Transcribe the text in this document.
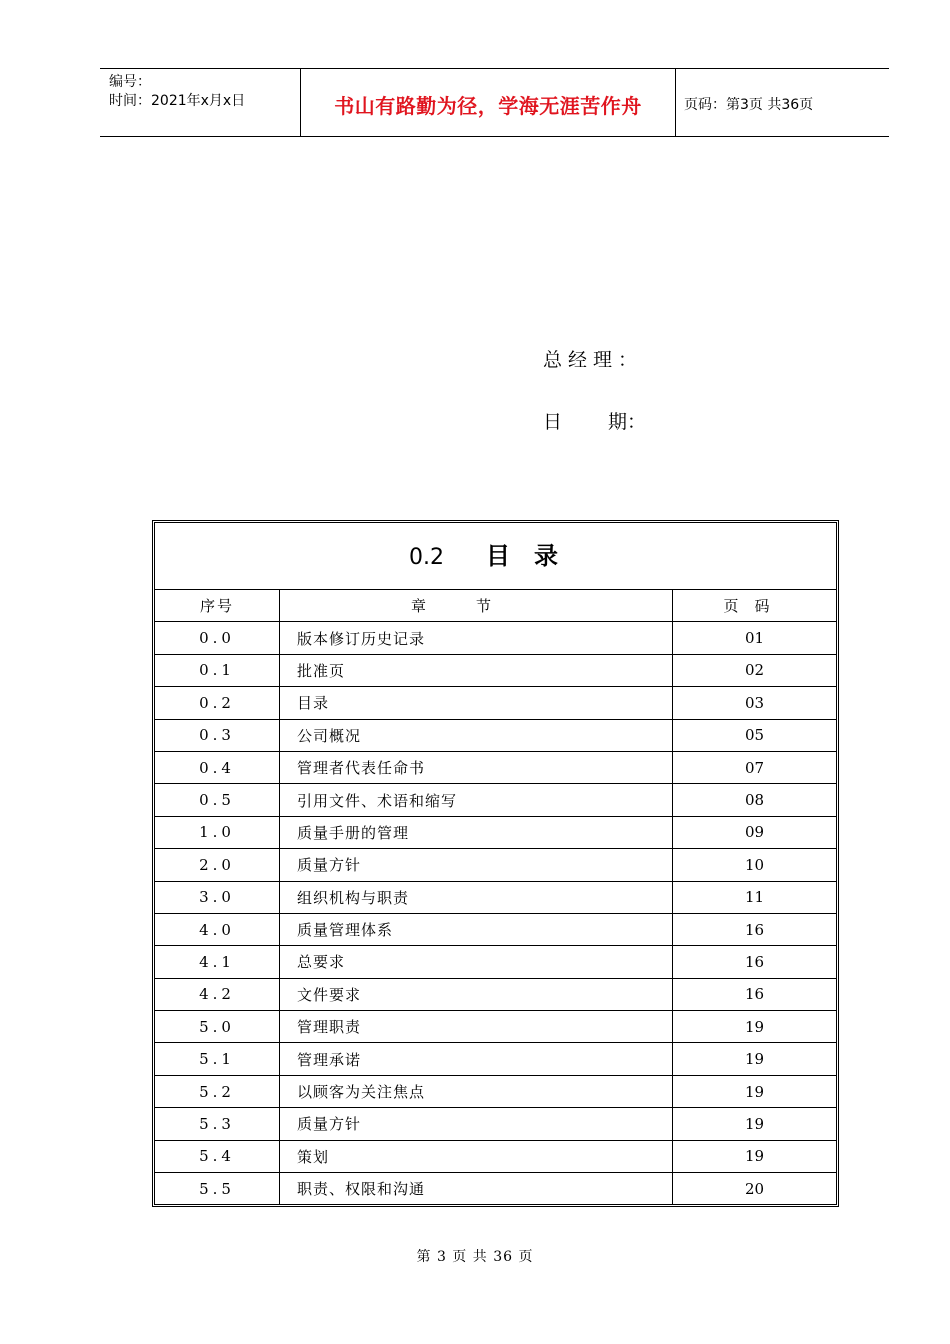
编号：
时间：2021年x月x日	书山有路勤为径，学海无涯苦作舟	页码：第3页 共36页
总经理：
日 期：
0.2 目录
序号	章节	页码
0.0	版本修订历史记录	01
0.1	批准页	02
0.2	目录	03
0.3	公司概况	05
0.4	管理者代表任命书	07
0.5	引用文件、术语和缩写	08
1.0	质量手册的管理	09
2.0	质量方针	10
3.0	组织机构与职责	11
4.0	质量管理体系	16
4.1	总要求	16
4.2	文件要求	16
5.0	管理职责	19
5.1	管理承诺	19
5.2	以顾客为关注焦点	19
5.3	质量方针	19
5.4	策划	19
5.5	职责、权限和沟通	20
第 3 页 共 36 页
